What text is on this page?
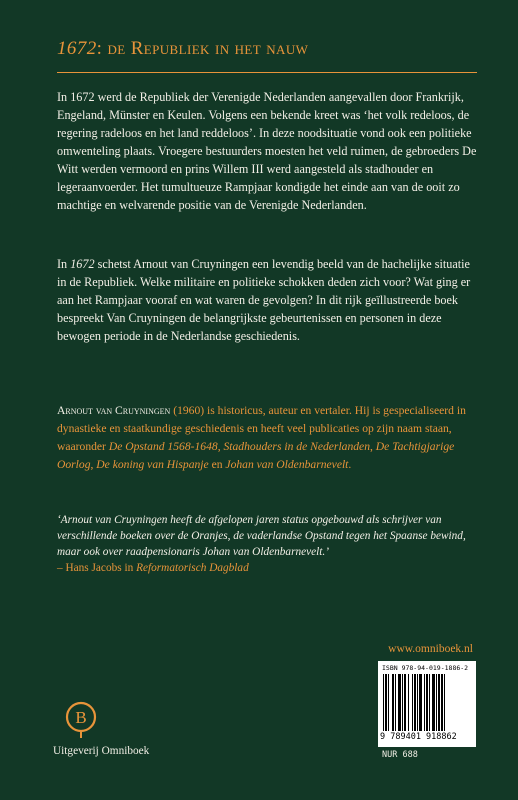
1672: de Republiek in het nauw
In 1672 werd de Republiek der Verenigde Nederlanden aangevallen door Frankrijk, Engeland, Münster en Keulen. Volgens een bekende kreet was ‘het volk redeloos, de regering radeloos en het land reddeloos’. In deze noodsituatie vond ook een politieke omwenteling plaats. Vroegere bestuurders moesten het veld ruimen, de gebroeders De Witt werden vermoord en prins Willem III werd aangesteld als stadhouder en legeraanvoerder. Het tumultueuze Rampjaar kondigde het einde aan van de ooit zo machtige en welvarende positie van de Verenigde Nederlanden.
In 1672 schetst Arnout van Cruyningen een levendig beeld van de hachelijke situatie in de Republiek. Welke militaire en politieke schokken deden zich voor? Wat ging er aan het Rampjaar vooraf en wat waren de gevolgen? In dit rijk geïllustreerde boek bespreekt Van Cruyningen de belangrijkste gebeurtenissen en personen in deze bewogen periode in de Nederlandse geschiedenis.
Arnout van Cruyningen (1960) is historicus, auteur en vertaler. Hij is gespecialiseerd in dynastieke en staatkundige geschiedenis en heeft veel publicaties op zijn naam staan, waaronder De Opstand 1568-1648, Stadhouders in de Nederlanden, De Tachtigjarige Oorlog, De koning van Hispanje en Johan van Oldenbarnevelt.
‘Arnout van Cruyningen heeft de afgelopen jaren status opgebouwd als schrijver van verschillende boeken over de Oranjes, de vaderlandse Opstand tegen het Spaanse bewind, maar ook over raadpensionaris Johan van Oldenbarnevelt.’
– Hans Jacobs in Reformatorisch Dagblad
www.omniboek.nl
ISBN 978-94-019-1886-2
9 789401 918862
NUR 688
B
Uitgeverij Omniboek
